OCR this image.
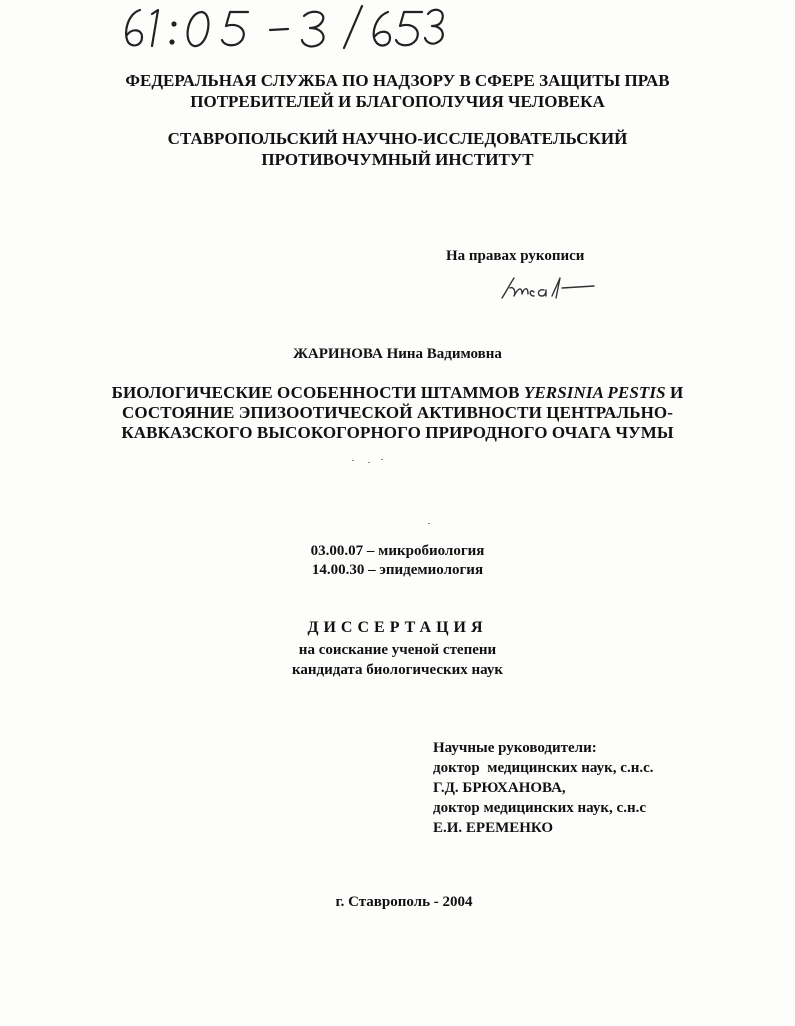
ФЕДЕРАЛЬНАЯ СЛУЖБА ПО НАДЗОРУ В СФЕРЕ ЗАЩИТЫ ПРАВ
ПОТРЕБИТЕЛЕЙ И БЛАГОПОЛУЧИЯ ЧЕЛОВЕКА
СТАВРОПОЛЬСКИЙ НАУЧНО-ИССЛЕДОВАТЕЛЬСКИЙ
ПРОТИВОЧУМНЫЙ ИНСТИТУТ
На правах рукописи
ЖАРИНОВА Нина Вадимовна
БИОЛОГИЧЕСКИЕ ОСОБЕННОСТИ ШТАММОВ YERSINIA PESTIS И
СОСТОЯНИЕ ЭПИЗООТИЧЕСКОЙ АКТИВНОСТИ ЦЕНТРАЛЬНО-
КАВКАЗСКОГО ВЫСОКОГОРНОГО ПРИРОДНОГО ОЧАГА ЧУМЫ
03.00.07 – микробиология
14.00.30 – эпидемиология
ДИССЕРТАЦИЯ
на соискание ученой степени
кандидата биологических наук
Научные руководители:
доктор  медицинских наук, с.н.с.
Г.Д. БРЮХАНОВА,
доктор медицинских наук, с.н.с
Е.И. ЕРЕМЕНКО
г. Ставрополь - 2004
